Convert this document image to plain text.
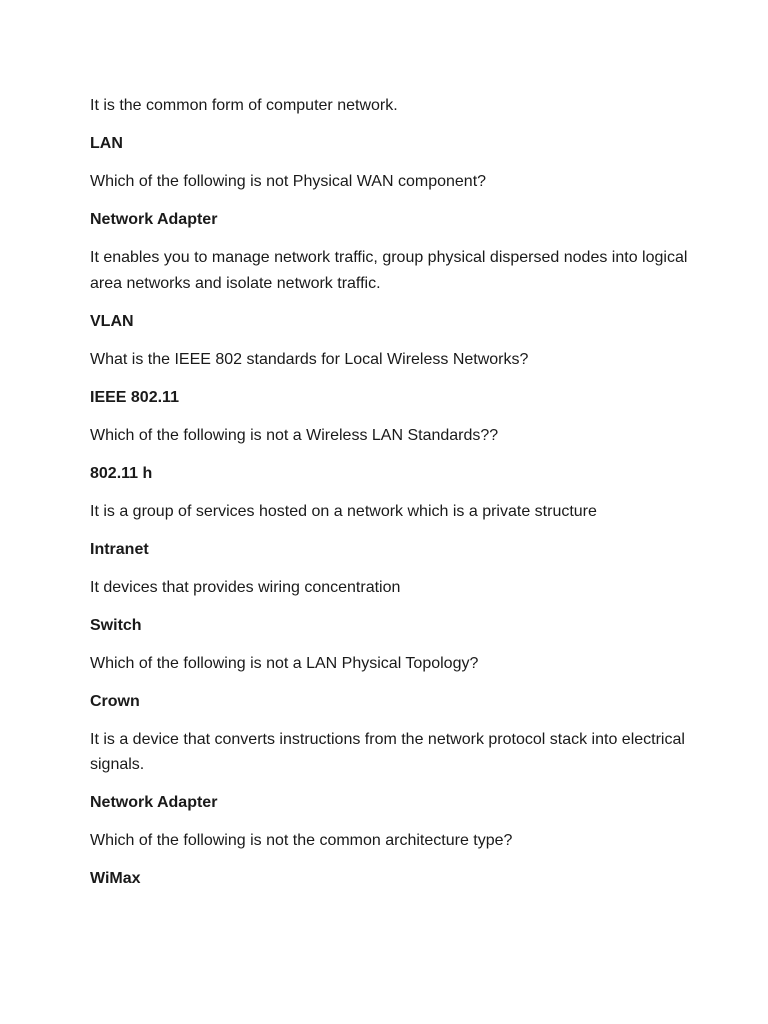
It is the common form of computer network.

LAN

Which of the following is not Physical WAN component?

Network Adapter

It enables you to manage network traffic, group physical dispersed nodes into logical area networks and isolate network traffic.

VLAN

What is the IEEE 802 standards for Local Wireless Networks?

IEEE 802.11

Which of the following is not a Wireless LAN Standards??

802.11 h

It is a group of services hosted on a network which is a private structure

Intranet

It devices that provides wiring concentration

Switch

Which of the following is not a LAN Physical Topology?

Crown

It is a device that converts instructions from the network protocol stack into electrical signals.

Network Adapter

Which of the following is not the common architecture type?

WiMax
